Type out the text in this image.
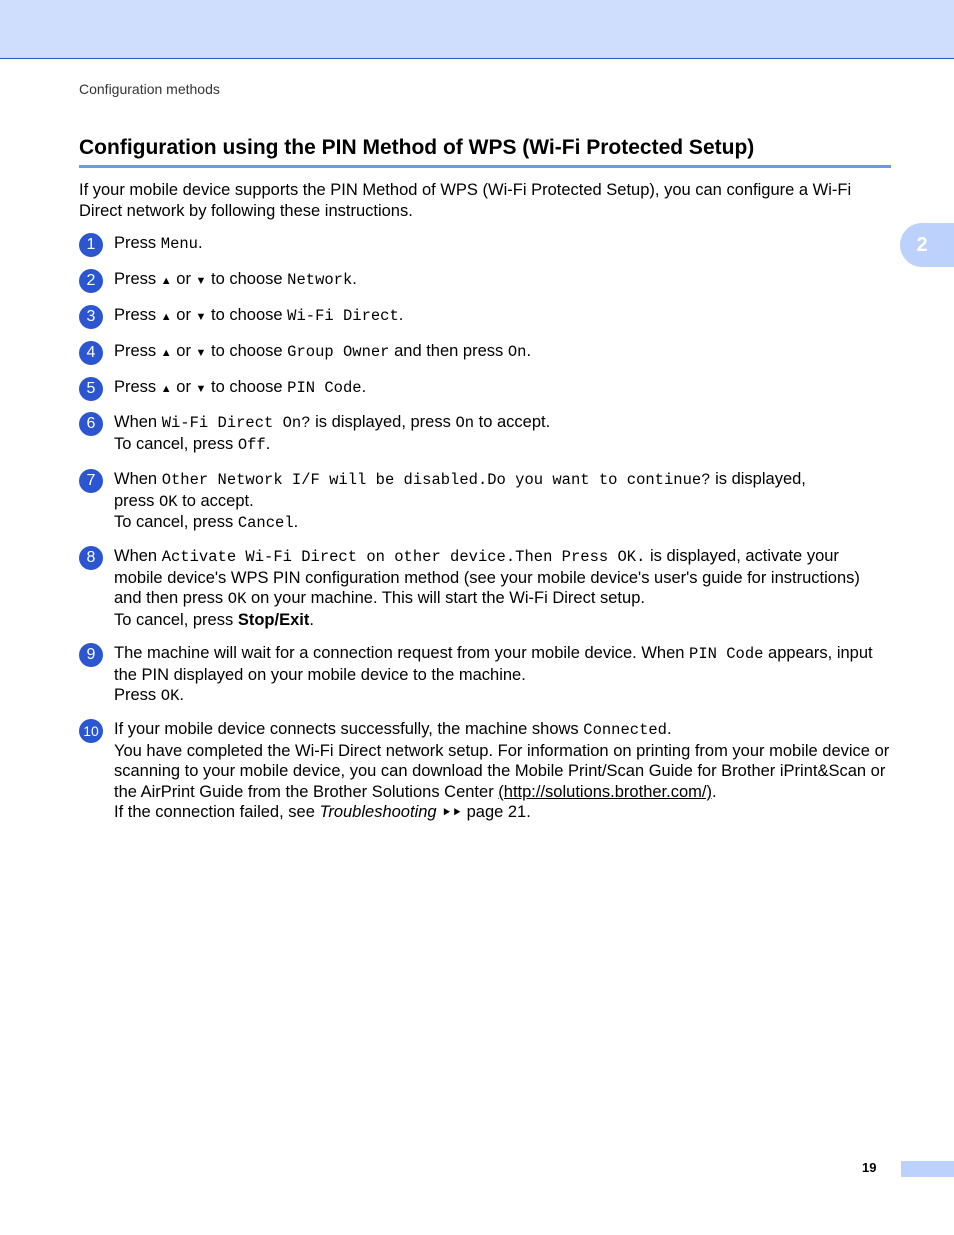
Configuration methods
2
Configuration using the PIN Method of WPS (Wi-Fi Protected Setup)

If your mobile device supports the PIN Method of WPS (Wi-Fi Protected Setup), you can configure a Wi-Fi Direct network by following these instructions.

1	Press Menu.
2	Press ▲ or ▼ to choose Network.
3	Press ▲ or ▼ to choose Wi-Fi Direct.
4	Press ▲ or ▼ to choose Group Owner and then press On.
5	Press ▲ or ▼ to choose PIN Code.
6	When Wi-Fi Direct On? is displayed, press On to accept.
To cancel, press Off.
7	When Other Network I/F will be disabled.Do you want to continue? is displayed,
press OK to accept.
To cancel, press Cancel.
8	When Activate Wi-Fi Direct on other device.Then Press OK. is displayed, activate your mobile device's WPS PIN configuration method (see your mobile device's user's guide for instructions) and then press OK on your machine. This will start the Wi-Fi Direct setup.
To cancel, press Stop/Exit.
9	The machine will wait for a connection request from your mobile device. When PIN Code appears, input the PIN displayed on your mobile device to the machine.
Press OK.
10 If your mobile device connects successfully, the machine shows Connected.
You have completed the Wi-Fi Direct network setup. For information on printing from your mobile device or scanning to your mobile device, you can download the Mobile Print/Scan Guide for Brother iPrint&Scan or the AirPrint Guide from the Brother Solutions Center (http://solutions.brother.com/).
If the connection failed, see Troubleshooting ⯈⯈ page 21.
19
